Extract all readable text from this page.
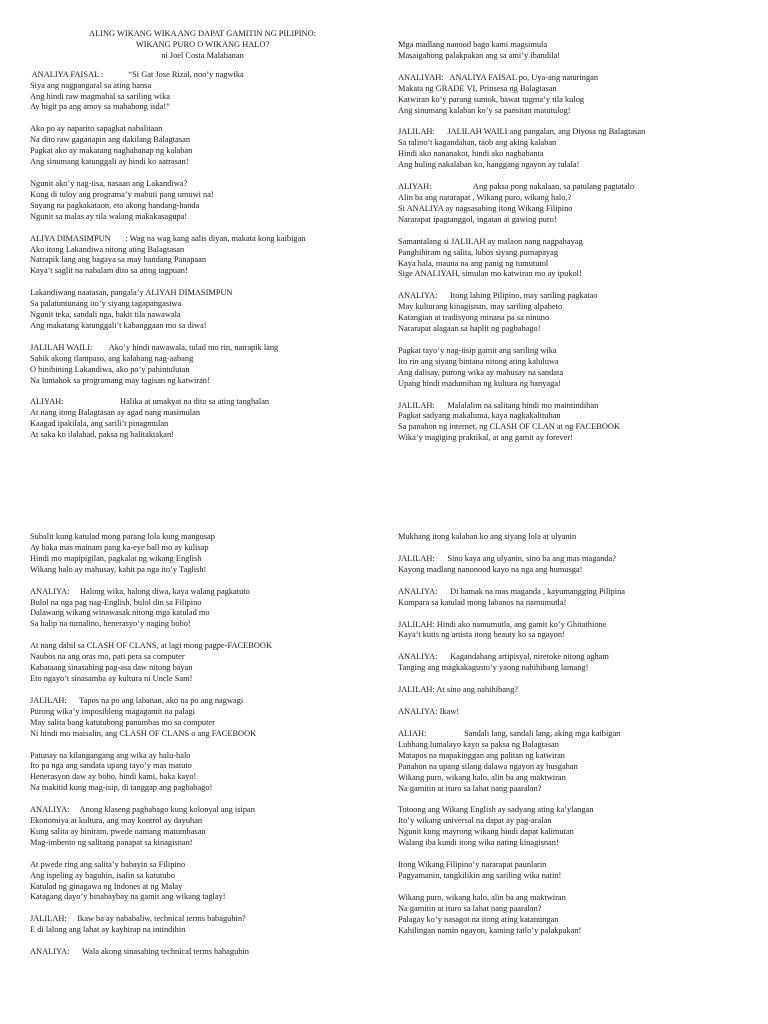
ALING WIKANG WIKA ANG DAPAT GAMITIN NG PILIPINO:
WIKANG PURO O WIKANG HALO?
ni Joel Costa Malabanan
ANALIYA FAISAL :            “Si Gat Jose Rizal, noo’y nagwika
Siya ang nagpangaral sa ating bansa
Ang hindi raw magmahal sa sariling wika
Ay higit pa ang amoy sa mabahong isda!”
Ako po ay naparito sapagkat nabalitaan
Na dito raw gaganapin ang dakilang Balagtasan
Pagkat ako ay makatang naghahanap ng kalaban
Ang sinumang katunggali ay hindi ko aatrasan!
Ngunit ako’y nag-iisa, nasaan ang Lakandiwa?
Kung di tuloy ang programa’y mabuti pang umuwi na!
Sayang na pagkakataon, eto akong handang-handa
Ngunit sa malas ay tila walang makakasagupa!
ALIYA DIMASIMPUN       : Wag na wag kang aalis diyan, makata kong kaibigan
Ako itong Lakandiwa nitong ating Balagtasan
Natrapik lang ang bagaya sa may bandang Panapaan
Kaya’t saglit na nabalam dito sa ating tagpuan!
Lakandiwang naatasan, pangala’y ALIYAH DIMASIMPUN
Sa palatuntunang ito’y siyang tagapangasiwa
Ngunit teka, sandali nga, bakit tila nawawala
Ang makatang katunggali’t kabanggaan mo sa diwa!
JALILAH WAILI:        Ako’y hindi nawawala, tulad mo rin, natrapik lang
Sabik akong ilampaso, ang kalabang nag-aabang
O binibining Lakandiwa, ako po’y pahintulutan
Na lumahok sa programang may tagisan ng katwiran!
ALIYAH:                           Halika at umakyat na dito sa ating tanghalan
At nang itong Balagtasan ay agad nang masimulan
Kaagad ipakilala, ang sarili’t pinagmulan
At saka ko ilalahad, paksa ng balitaktakan!
Mga madlang nanood bago kami magsimula
Masaigabong palakpakan ang sa ami’y ibandila!
ANALIYAH:   ANALIYA FAISAL po, Uya-ang naturingan
Makata ng GRADE VI, Prinsesa ng Balagtasan
Katwiran ko’y parang suntok, bawat tugma’y tila kulog
Ang sinumang kalaban ko’y sa pansitan matutulog!
JALILAH:      JALILAH WAILI ang pangalan, ang Diyosa ng Balagtasan
Sa talino’t kagandahan, taob ang aking kalaban
Hindi ako nananakot, hindi ako nagbabanta
Ang huling nakalaban ko, hanggang ngayon ay tulala!
ALIYAH:                    Ang paksa pong nakalaan, sa patulang pagtatalo
Alin ba ang nararapat , Wikang puro, wikang halo,?
Si ANALIYA ay nagsasabing itong Wikang Filipino
Nararapat ipagtanggol, ingatan at gawing puro!
Samantalang si JALILAH ay malaon nang nagpahayag
Panghihiram ng salita, lubos siyang pumapayag
Kaya hala, mauna na ang panig ng tumututol
Sige ANALIYAH, simulan mo katwiran mo ay ipukol!
ANALIYA:      Itong lahing Pilipino, may sariling pagkatao
May kulturang kinagisnan, may sariling alpabeto
Katangian at tradisyong minana pa sa ninuno
Nararapat alagaan sa haplit ng pagbabago!
Pagkat tayo’y nag-iisip gamit ang sariling wika
Ito rin ang siyang bintana nitong ating kaluluwa
Ang dalisay, purong wika ay mahusay na sandata
Upang hindi madumihan ng kultura ng banyaga!
JALILAH:      Malalalim na salitang hindi mo maintindihan
Pagkat sadyang makaluma, kaya nagkakalituhan
Sa panahon ng internet, ng CLASH OF CLAN at ng FACEBOOK
Wika’y magiging praktikal, at ang gamit ay forever!
Subalit kung katulad mong parang lola kung mangusap
Ay baka mas mainam pang ka-eye ball mo ay kulisap
Hindi mo mapipigilan, pagkalat ng wikang English
Wikang halo ay mahusay, kahit pa nga ito’y Taglish!
ANALIYA:     Halong wika, halong diwa, kaya walang pagkatuto
Bulol na nga pag nag-English, bulol din sa Filipino
Dalawang wikang winawasak nitong mga katulad mo
Sa halip na tumalino, henerasyo’y naging bobo!
At nang dahil sa CLASH OF CLANS, at lagi mong pagpe-FACEBOOK
Naubos na ang oras mo, pati pera sa computer
Kabataang sinasabing pag-asa daw nitong bayan
Eto ngayo’t sinasamba ay kultura ni Uncle Sam!
JALILAH:      Tapos na po ang labanan, ako na po ang nagwagi
Purong wika’y imposibleng magagamit na palagi
May salita bang katutubong panumbas mo sa computer
Ni hindi mo maisalin, ang CLASH OF CLANS o ang FACEBOOK
Patunay na kilangangang ang wika ay halu-halo
Ito pa nga ang sandata upang tayo’y mas matuto
Henerasyon daw ay bobo, hindi kami, baka kayo!
Na makitid kung mag-isip, di tanggap ang pagbabago!
ANALIYA:     Anong klaseng pagbabago kung kolonyal ang isipan
Ekonomiya at kultura, ang may kontrol ay dayuhan
Kung salita ay hiniram, pwede namang matumbasan
Mag-imbento ng salitang panapat sa kinagisnan!
At pwede ring ang salita’y babayin sa Filipino
Ang ispeling ay baguhin, isalin sa katutubo
Katulad ng ginagawa ng Indones at ng Malay
Katagang dayo’y binabaybay na gamit ang wikang taglay!
JALILAH:     Ikaw ba ay nababaliw, technical terms babaguhin?
E di lalong ang lahat ay kayhirap na intindihin
ANALIYA:      Wala akong sinasabing technical terms babaguhin
Mukhang itong kalaban ko ang siyang lola at ulyanin
JALILAH:      Sino kaya ang ulyanin, sino ba ang mas maganda?
Kayong madlang nanonood kayo na nga ang humusga!
ANALIYA:      Di hamak na mas maganda , kayumangging Pilipina
Kumpara sa katulad mong labanos na namumutla!
JALILAH: Hindi ako namumutla, ang gamit ko’y Ghitathione
Kaya’t kutis ng artista itong beauty ko sa ngayon!
ANALIYA:      Kagandahang artipisyal, niretoke nitong agham
Tanging ang magkakagusto’y yaong nahihibang lamang!
JALILAH: At sino ang nahihibang?
ANALIYA: Ikaw!
ALIAH:                  Sandali lang, sandali lang, aking mga kaibigan
Lubhang lumalayo kayo sa paksa ng Balagtasan
Matapos na mapakinggan ang palitan ng katwiran
Panahon na upang silang dalawa ngayon ay husgahan
Wikang puro, wikang halo, alin ba ang maktwiran
Na gamitin at ituro sa lahat nang paaralan?
Totoong ang Wikang English ay sadyang ating ka’ylangan
Ito’y wikang universal na dapat ay pag-aralan
Ngunit kung mayrong wikang hindi dapat kalimutan
Walang iba kundi itong wika nating kinagisnan!
Itong Wikang Filipino’y nararapat paunlarin
Pagyamanin, tangkilikin ang sariling wika natin!
Wikang puro, wikang halo, alin ba ang maktwiran
Na gamitin at ituro sa lahat nang paaralan?
Palagay ko’y nasagot na itong ating katanungan
Kahilingan namin ngayon, kaming tatlo’y palakpakan!
